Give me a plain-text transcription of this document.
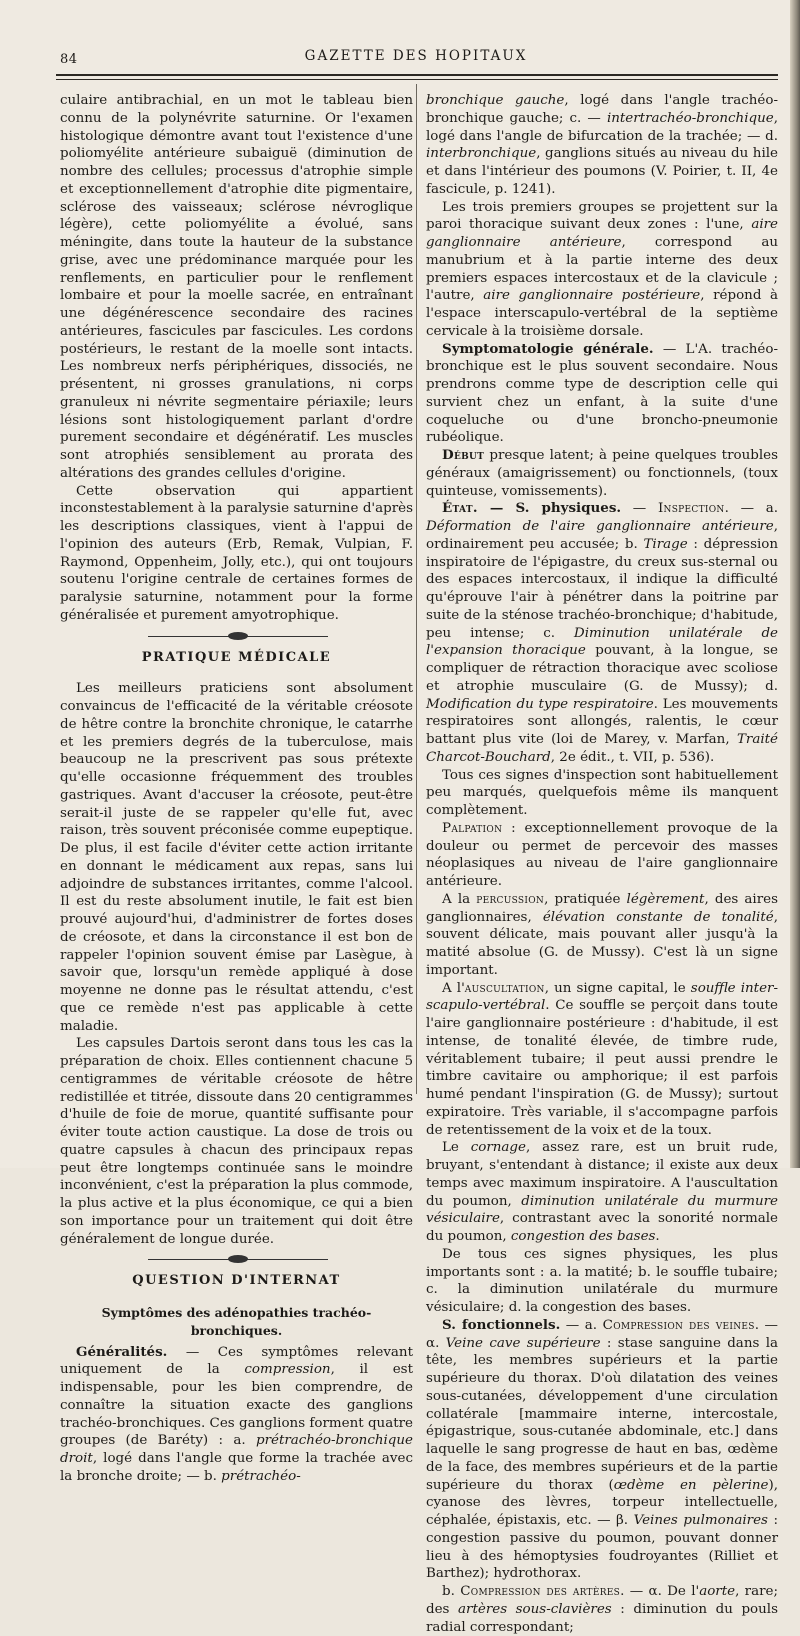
84	GAZETTE DES HOPITAUX

culaire antibrachial, en un mot le tableau bien connu de la polynévrite saturnine. Or l'examen histologique démontre avant tout l'existence d'une poliomyélite antérieure subaiguë (diminution de nombre des cellules; processus d'atrophie simple et exceptionnellement d'atrophie dite pigmentaire, sclérose des vaisseaux; sclérose névroglique légère), cette poliomyélite a évolué, sans méningite, dans toute la hauteur de la substance grise, avec une prédominance marquée pour les renflements, en particulier pour le renflement lombaire et pour la moelle sacrée, en entraînant une dégénérescence secondaire des racines antérieures, fascicules par fascicules. Les cordons postérieurs, le restant de la moelle sont intacts. Les nombreux nerfs périphériques, dissociés, ne présentent, ni grosses granulations, ni corps granuleux ni névrite segmentaire périaxile; leurs lésions sont histologiquement parlant d'ordre purement secondaire et dégénératif. Les muscles sont atrophiés sensiblement au prorata des altérations des grandes cellules d'origine.

Cette observation qui appartient inconstestablement à la paralysie saturnine d'après les descriptions classiques, vient à l'appui de l'opinion des auteurs (Erb, Remak, Vulpian, F. Raymond, Oppenheim, Jolly, etc.), qui ont toujours soutenu l'origine centrale de certaines formes de paralysie saturnine, notamment pour la forme généralisée et purement amyotrophique.

PRATIQUE MÉDICALE

Les meilleurs praticiens sont absolument convaincus de l'efficacité de la véritable créosote de hêtre contre la bronchite chronique, le catarrhe et les premiers degrés de la tuberculose, mais beaucoup ne la prescrivent pas sous prétexte qu'elle occasionne fréquemment des troubles gastriques. Avant d'accuser la créosote, peut-être serait-il juste de se rappeler qu'elle fut, avec raison, très souvent préconisée comme eupeptique. De plus, il est facile d'éviter cette action irritante en donnant le médicament aux repas, sans lui adjoindre de substances irritantes, comme l'alcool. Il est du reste absolument inutile, le fait est bien prouvé aujourd'hui, d'administrer de fortes doses de créosote, et dans la circonstance il est bon de rappeler l'opinion souvent émise par Lasègue, à savoir que, lorsqu'un remède appliqué à dose moyenne ne donne pas le résultat attendu, c'est que ce remède n'est pas applicable à cette maladie.

Les capsules Dartois seront dans tous les cas la préparation de choix. Elles contiennent chacune 5 centigrammes de véritable créosote de hêtre redistillée et titrée, dissoute dans 20 centigrammes d'huile de foie de morue, quantité suffisante pour éviter toute action caustique. La dose de trois ou quatre capsules à chacun des principaux repas peut être longtemps continuée sans le moindre inconvénient, c'est la préparation la plus commode, la plus active et la plus économique, ce qui a bien son importance pour un traitement qui doit être généralement de longue durée.

QUESTION D'INTERNAT
Symptômes des adénopathies trachéo-bronchiques.

Généralités. — Ces symptômes relevant uniquement de la compression, il est indispensable, pour les bien comprendre, de connaître la situation exacte des ganglions trachéo-bronchiques. Ces ganglions forment quatre groupes (de Baréty) : a. prétrachéo-bronchique droit, logé dans l'angle que forme la trachée avec la bronche droite; — b. prétrachéo-

bronchique gauche, logé dans l'angle trachéo-bronchique gauche; c. — intertrachéo-bronchique, logé dans l'angle de bifurcation de la trachée; — d. interbronchique, ganglions situés au niveau du hile et dans l'intérieur des poumons (V. Poirier, t. II, 4e fascicule, p. 1241).

Les trois premiers groupes se projettent sur la paroi thoracique suivant deux zones : l'une, aire ganglionnaire antérieure, correspond au manubrium et à la partie interne des deux premiers espaces intercostaux et de la clavicule ; l'autre, aire ganglionnaire postérieure, répond à l'espace interscapulo-vertébral de la septième cervicale à la troisième dorsale.

Symptomatologie générale. — L'A. trachéo-bronchique est le plus souvent secondaire. Nous prendrons comme type de description celle qui survient chez un enfant, à la suite d'une coqueluche ou d'une broncho-pneumonie rubéolique.

Début presque latent; à peine quelques troubles généraux (amaigrissement) ou fonctionnels, (toux quinteuse, vomissements).

État. — S. physiques. — Inspection. — a. Déformation de l'aire ganglionnaire antérieure, ordinairement peu accusée; b. Tirage : dépression inspiratoire de l'épigastre, du creux sus-sternal ou des espaces intercostaux, il indique la difficulté qu'éprouve l'air à pénétrer dans la poitrine par suite de la sténose trachéo-bronchique; d'habitude, peu intense; c. Diminution unilatérale de l'expansion thoracique pouvant, à la longue, se compliquer de rétraction thoracique avec scoliose et atrophie musculaire (G. de Mussy); d. Modification du type respiratoire. Les mouvements respiratoires sont allongés, ralentis, le cœur battant plus vite (loi de Marey, v. Marfan, Traité Charcot-Bouchard, 2e édit., t. VII, p. 536).

Tous ces signes d'inspection sont habituellement peu marqués, quelquefois même ils manquent complètement.

Palpation : exceptionnellement provoque de la douleur ou permet de percevoir des masses néoplasiques au niveau de l'aire ganglionnaire antérieure.

A la percussion, pratiquée légèrement, des aires ganglionnaires, élévation constante de tonalité, souvent délicate, mais pouvant aller jusqu'à la matité absolue (G. de Mussy). C'est là un signe important.

A l'auscultation, un signe capital, le souffle inter-scapulo-vertébral. Ce souffle se perçoit dans toute l'aire ganglionnaire postérieure : d'habitude, il est intense, de tonalité élevée, de timbre rude, véritablement tubaire; il peut aussi prendre le timbre cavitaire ou amphorique; il est parfois humé pendant l'inspiration (G. de Mussy); surtout expiratoire. Très variable, il s'accompagne parfois de retentissement de la voix et de la toux.

Le cornage, assez rare, est un bruit rude, bruyant, s'entendant à distance; il existe aux deux temps avec maximum inspiratoire. A l'auscultation du poumon, diminution unilatérale du murmure vésiculaire, contrastant avec la sonorité normale du poumon, congestion des bases.

De tous ces signes physiques, les plus importants sont : a. la matité; b. le souffle tubaire; c. la diminution unilatérale du murmure vésiculaire; d. la congestion des bases.

S. fonctionnels. — a. Compression des veines. — α. Veine cave supérieure : stase sanguine dans la tête, les membres supérieurs et la partie supérieure du thorax. D'où dilatation des veines sous-cutanées, développement d'une circulation collatérale [mammaire interne, intercostale, épigastrique, sous-cutanée abdominale, etc.] dans laquelle le sang progresse de haut en bas, œdème de la face, des membres supérieurs et de la partie supérieure du thorax (œdème en pèlerine), cyanose des lèvres, torpeur intellectuelle, céphalée, épistaxis, etc. — β. Veines pulmonaires : congestion passive du poumon, pouvant donner lieu à des hémoptysies foudroyantes (Rilliet et Barthez); hydrothorax.

b. Compression des artères. — α. De l'aorte, rare; des artères sous-clavières : diminution du pouls radial correspondant;
